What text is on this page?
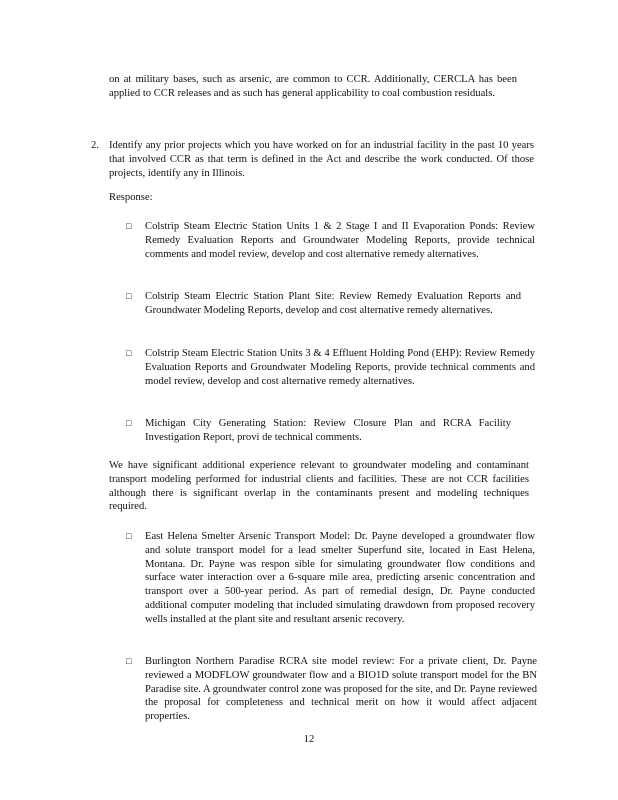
on at military bases, such as arsenic, are common to CCR. Additionally, CERCLA has been applied to CCR releases and as such has general applicability to coal combustion residuals.

2. Identify any prior projects which you have worked on for an industrial facility in the past 10 years that involved CCR as that term is defined in the Act and describe the work conducted. Of those projects, identify any in Illinois.

Response:

□ Colstrip Steam Electric Station Units 1 & 2 Stage I and II Evaporation Ponds: Review Remedy Evaluation Reports and Groundwater Modeling Reports, provide technical comments and model review, develop and cost alternative remedy alternatives.

□ Colstrip Steam Electric Station Plant Site: Review Remedy Evaluation Reports and Groundwater Modeling Reports, develop and cost alternative remedy alternatives.

□ Colstrip Steam Electric Station Units 3 & 4 Effluent Holding Pond (EHP): Review Remedy Evaluation Reports and Groundwater Modeling Reports, provide technical comments and model review, develop and cost alternative remedy alternatives.

□ Michigan City Generating Station: Review Closure Plan and RCRA Facility Investigation Report, provi de technical comments.

We have significant additional experience relevant to groundwater modeling and contaminant transport modeling performed for industrial clients and facilities. These are not CCR facilities although there is significant overlap in the contaminants present and modeling techniques required.

□ East Helena Smelter Arsenic Transport Model: Dr. Payne developed a groundwater flow and solute transport model for a lead smelter Superfund site, located in East Helena, Montana. Dr. Payne was respon sible for simulating groundwater flow conditions and surface water interaction over a 6-square mile area, predicting arsenic concentration and transport over a 500-year period. As part of remedial design, Dr. Payne conducted additional computer modeling that included simulating drawdown from proposed recovery wells installed at the plant site and resultant arsenic recovery.

□ Burlington Northern Paradise RCRA site model review: For a private client, Dr. Payne reviewed a MODFLOW groundwater flow and a BIO1D solute transport model for the BN Paradise site. A groundwater control zone was proposed for the site, and Dr. Payne reviewed the proposal for completeness and technical merit on how it would affect adjacent properties.

12
